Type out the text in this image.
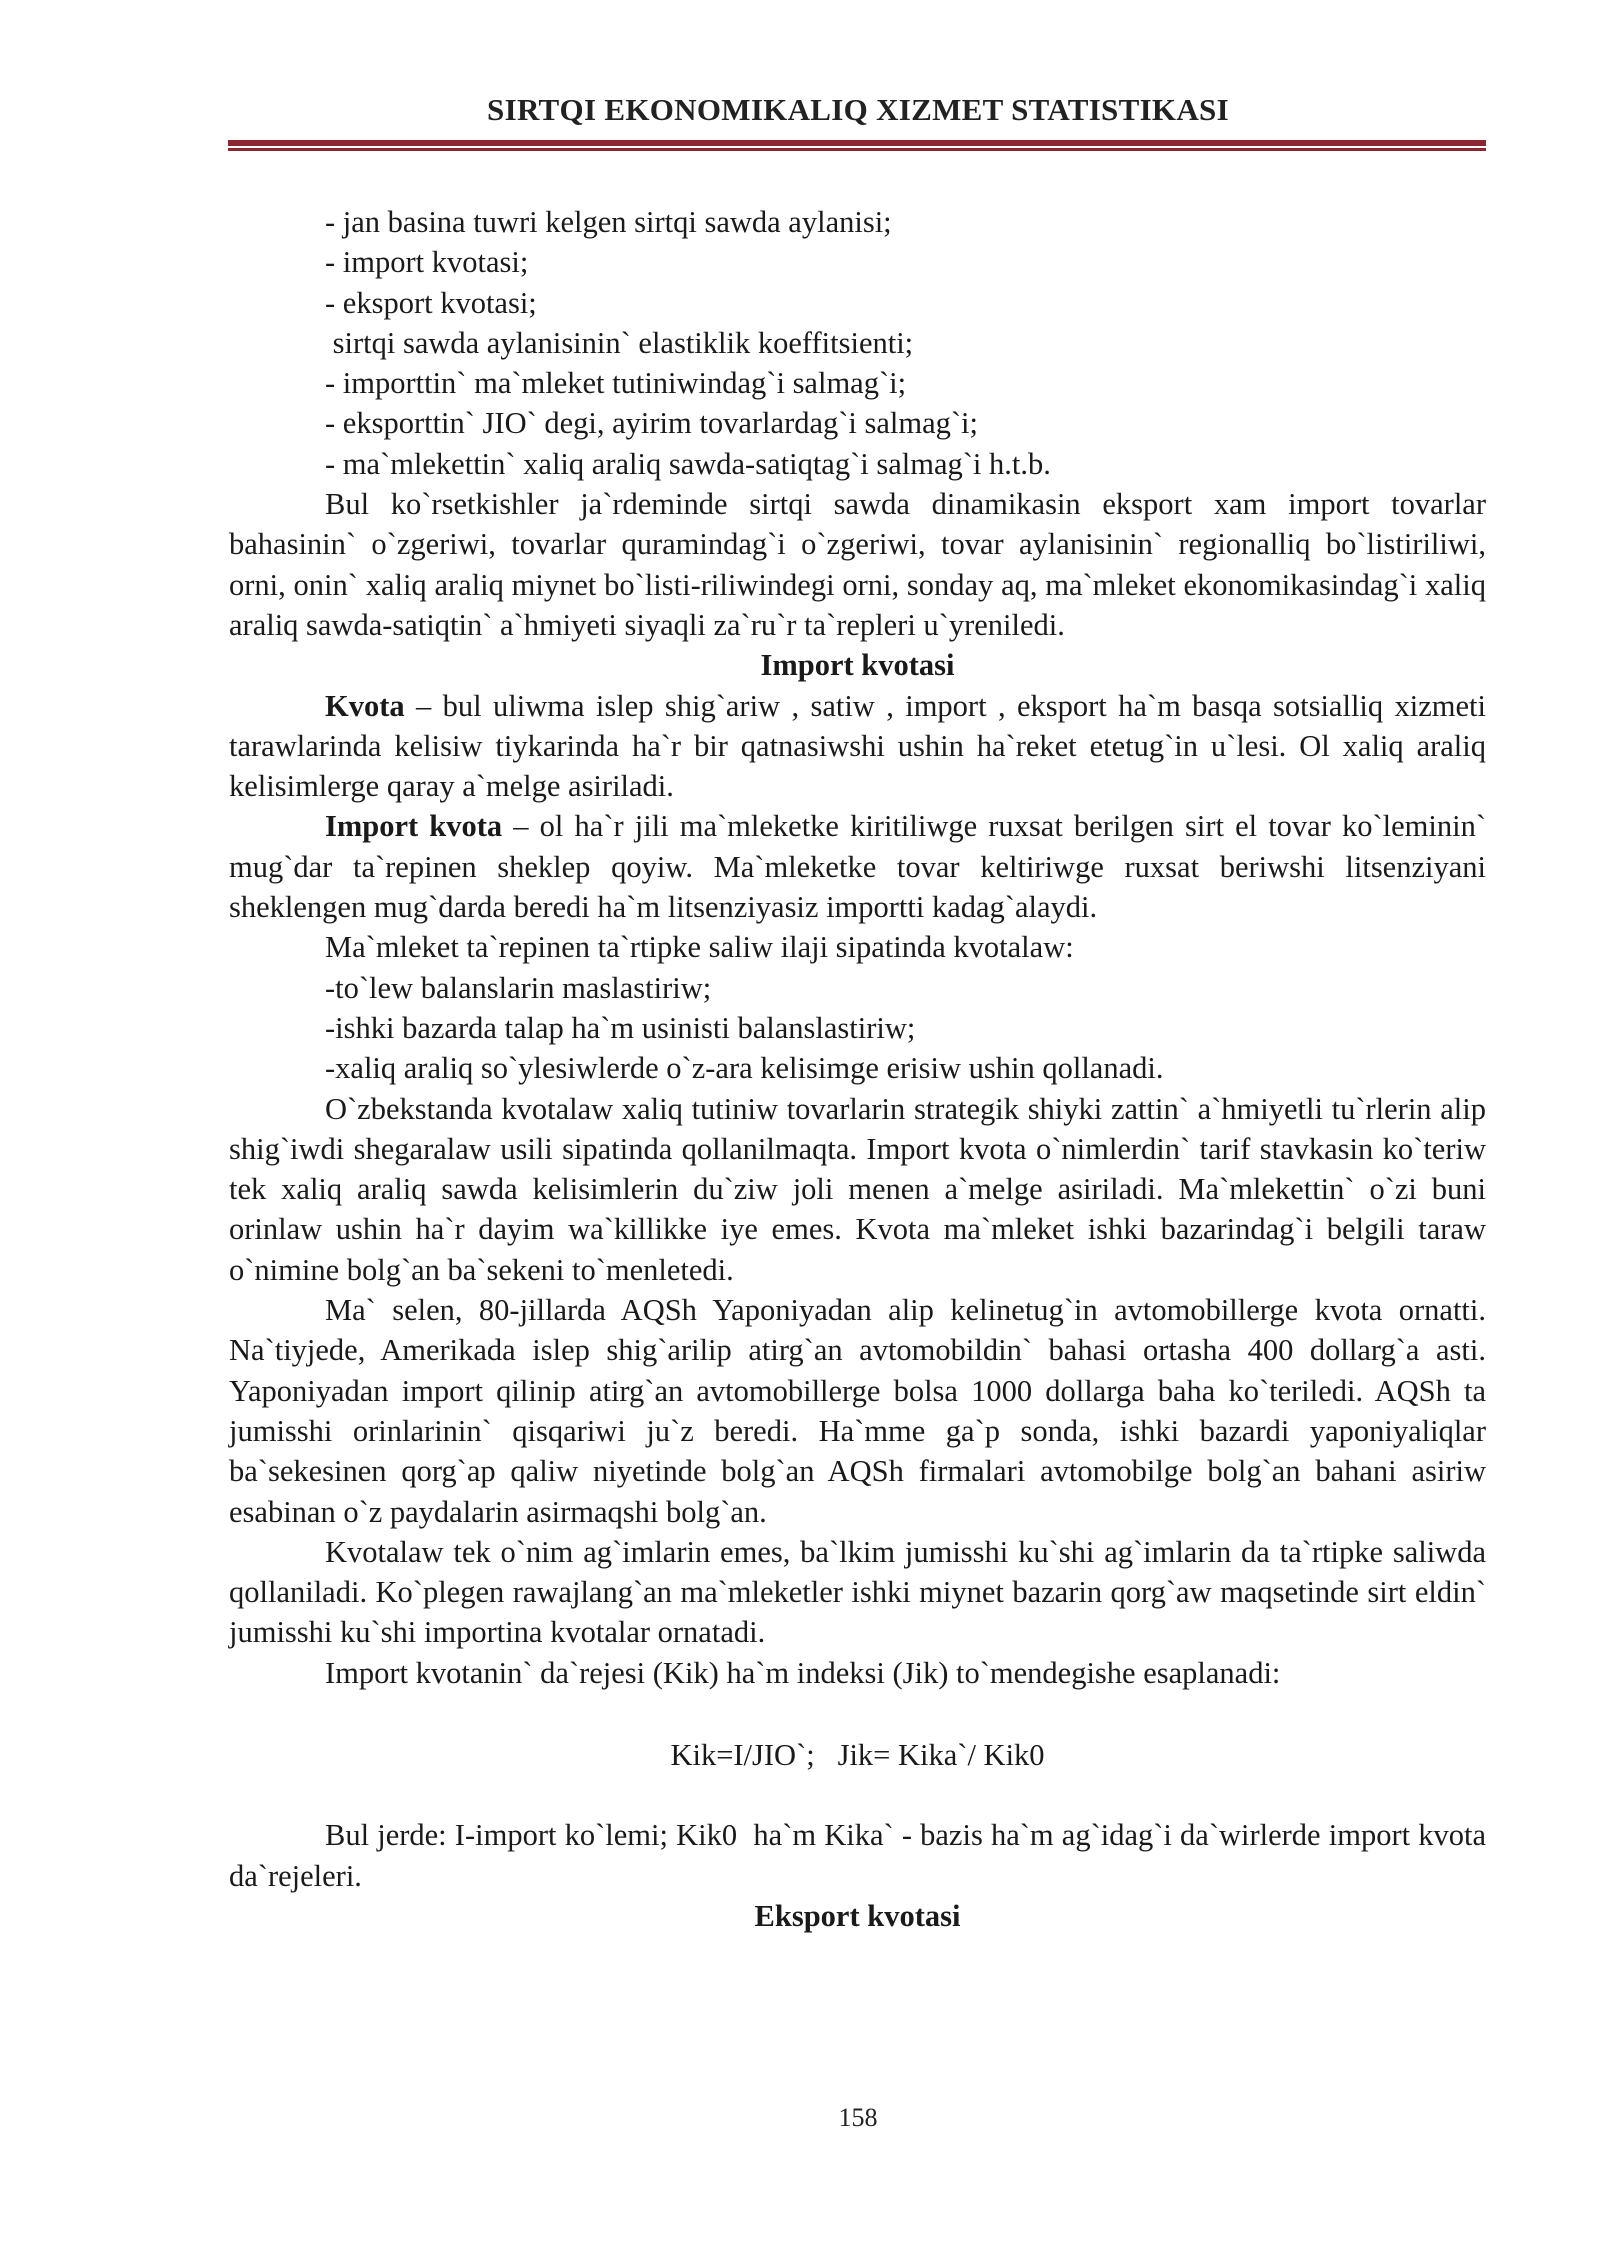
SIRTQI EKONOMIKALIQ XIZMET STATISTIKASI

- jan basina tuwri kelgen sirtqi sawda aylanisi;

- import kvotasi;

- eksport kvotasi;

sirtqi sawda aylanisinin` elastiklik koeffitsienti;

- importtin` ma`mleket tutiniwindag`i salmag`i;

- eksporttin` JIO` degi, ayirim tovarlardag`i salmag`i;

- ma`mlekettin` xaliq araliq sawda-satiqtag`i salmag`i h.t.b.

Bul ko`rsetkishler ja`rdeminde sirtqi sawda dinamikasin eksport xam import tovarlar bahasinin` o`zgeriwi, tovarlar quramindag`i o`zgeriwi, tovar aylanisinin` regionalliq bo`listiriliwi, orni, onin` xaliq araliq miynet bo`listi-riliwindegi orni, sonday aq, ma`mleket ekonomikasindag`i xaliq araliq sawda-satiqtin` a`hmiyeti siyaqli za`ru`r ta`repleri u`yreniledi.

Import kvotasi

Kvota – bul uliwma islep shig`ariw , satiw , import , eksport ha`m basqa sotsialliq xizmeti tarawlarinda kelisiw tiykarinda ha`r bir qatnasiwshi ushin ha`reket etetug`in u`lesi. Ol xaliq araliq kelisimlerge qaray a`melge asiriladi.

Import kvota – ol ha`r jili ma`mleketke kiritiliwge ruxsat berilgen sirt el tovar ko`leminin` mug`dar ta`repinen sheklep qoyiw. Ma`mleketke tovar keltiriwge ruxsat beriwshi litsenziyani sheklengen mug`darda beredi ha`m litsenziyasiz importti kadag`alaydi.

Ma`mleket ta`repinen ta`rtipke saliw ilaji sipatinda kvotalaw:

-to`lew balanslarin maslastiriw;

-ishki bazarda talap ha`m usinisti balanslastiriw;

-xaliq araliq so`ylesiwlerde o`z-ara kelisimge erisiw ushin qollanadi.

O`zbekstanda kvotalaw xaliq tutiniw tovarlarin strategik shiyki zattin` a`hmiyetli tu`rlerin alip shig`iwdi shegaralaw usili sipatinda qollanilmaqta. Import kvota o`nimlerdin` tarif stavkasin ko`teriw tek xaliq araliq sawda kelisimlerin du`ziw joli menen a`melge asiriladi. Ma`mlekettin` o`zi buni orinlaw ushin ha`r dayim wa`killikke iye emes. Kvota ma`mleket ishki bazarindag`i belgili taraw o`nimine bolg`an ba`sekeni to`menletedi.

Ma` selen, 80-jillarda AQSh Yaponiyadan alip kelinetug`in avtomobillerge kvota ornatti. Na`tiyjede, Amerikada islep shig`arilip atirg`an avtomobildin` bahasi ortasha 400 dollarg`a asti. Yaponiyadan import qilinip atirg`an avtomobillerge bolsa 1000 dollarga baha ko`teriledi. AQSh ta jumisshi orinlarinin` qisqariwi ju`z beredi. Ha`mme ga`p sonda, ishki bazardi yaponiyaliqlar ba`sekesinen qorg`ap qaliw niyetinde bolg`an AQSh firmalari avtomobilge bolg`an bahani asiriw esabinan o`z paydalarin asirmaqshi bolg`an.

Kvotalaw tek o`nim ag`imlarin emes, ba`lkim jumisshi ku`shi ag`imlarin da ta`rtipke saliwda qollaniladi. Ko`plegen rawajlang`an ma`mleketler ishki miynet bazarin qorg`aw maqsetinde sirt eldin` jumisshi ku`shi importina kvotalar ornatadi.

Import kvotanin` da`rejesi (Kik) ha`m indeksi (Jik) to`mendegishe esaplanadi:

Kik=I/JIO`;   Jik= Kika`/ Kik0

Bul jerde: I-import ko`lemi; Kik0  ha`m Kika` - bazis ha`m ag`idag`i da`wirlerde import kvota da`rejeleri.

Eksport kvotasi

158
